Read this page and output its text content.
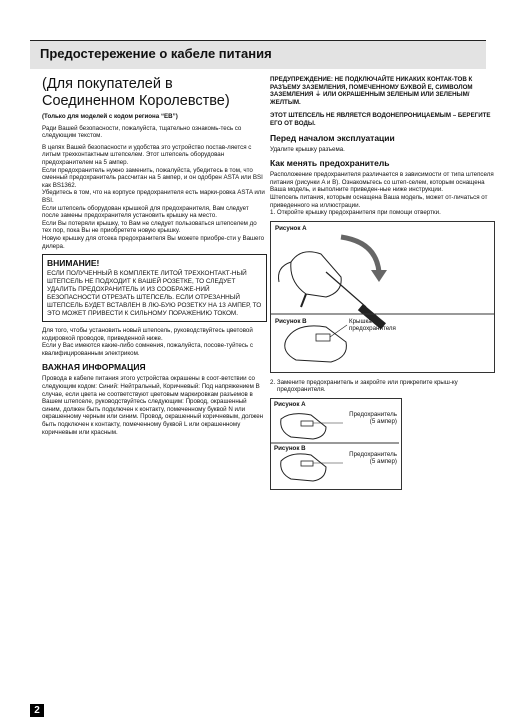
Предостережение о кабеле питания
(Для покупателей в Соединенном Королевстве)
(Только для моделей с кодом региона “EB”)
Ради Вашей безопасности, пожалуйста, тщательно ознакомь-тесь со следующим текстом.
В целях Вашей безопасности и удобства это устройство постав-ляется с литым трехконтактным штепселем. Этот штепсель оборудован предохранителем на 5 ампер.
Если предохранитель нужно заменить, пожалуйста, убедитесь в том, что сменный предохранитель рассчитан на 5 ампер, и он одобрен ASTA или BSI как BS1362.
Убедитесь в том, что на корпусе предохранителя есть марки-ровка ASTA или BSI.
Если штепсель оборудован крышкой для предохранителя, Вам следует после замены предохранителя установить крышку на место.
Если Вы потеряли крышку, то Вам не следует пользоваться штепселем до тех пор, пока Вы не приобретете новую крышку.
Новую крышку для отсека предохранителя Вы можете приобре-сти у Вашего дилера.
ВНИМАНИЕ!
ЕСЛИ ПОЛУЧЕННЫЙ В КОМПЛЕКТЕ ЛИТОЙ ТРЕХКОНТАКТ-НЫЙ ШТЕПСЕЛЬ НЕ ПОДХОДИТ К ВАШЕЙ РОЗЕТКЕ, ТО СЛЕДУЕТ УДАЛИТЬ ПРЕДОХРАНИТЕЛЬ И ИЗ СООБРАЖЕ-НИЙ БЕЗОПАСНОСТИ ОТРЕЗАТЬ ШТЕПСЕЛЬ. ЕСЛИ ОТРЕЗАННЫЙ ШТЕПСЕЛЬ БУДЕТ ВСТАВЛЕН В ЛЮ-БУЮ РОЗЕТКУ НА 13 АМПЕР, ТО ЭТО МОЖЕТ ПРИВЕСТИ К СИЛЬНОМУ ПОРАЖЕНИЮ ТОКОМ.
Для того, чтобы установить новый штепсель, руководствуйтесь цветовой кодировкой проводов, приведенной ниже.
Если у Вас имеются какие-либо сомнения, пожалуйста, посове-туйтесь с квалифицированным электриком.
ВАЖНАЯ ИНФОРМАЦИЯ
Провода в кабеле питания этого устройства окрашены в соот-ветствии со следующим кодом: Синий: Нейтральный, Коричневый: Под напряжением В случае, если цвета не соответствуют цветовым маркировкам разъемов в Вашем штепселе, руководствуйтесь следующим: Провод, окрашенный синим, должен быть подключен к контакту, помеченному буквой N или окрашенному черным или синим. Провод, окрашенный коричневым, должен быть подключен к контакту, помеченному буквой L или окрашенному коричневым или красным.
ПРЕДУПРЕЖДЕНИЕ: НЕ ПОДКЛЮЧАЙТЕ НИКАКИХ КОНТАК-ТОВ К РАЗЪЕМУ ЗАЗЕМЛЕНИЯ, ПОМЕЧЕННОМУ БУКВОЙ E, СИМВОЛОМ ЗАЗЕМЛЕНИЯ ⏚ ИЛИ ОКРАШЕННЫМ ЗЕЛЕНЫМ ИЛИ ЗЕЛЕНЫМ/ЖЕЛТЫМ.
ЭТОТ ШТЕПСЕЛЬ НЕ ЯВЛЯЕТСЯ ВОДОНЕПРОНИЦАЕМЫМ – БЕРЕГИТЕ ЕГО ОТ ВОДЫ.
Перед началом эксплуатации
Удалите крышку разъема.
Как менять предохранитель
Расположение предохранителя различается в зависимости от типа штепселя питания (рисунки A и B). Ознакомьтесь со штеп-селем, которым оснащена Ваша модель, и выполните приведен-ные ниже инструкции.
Штепсель питания, которым оснащена Ваша модель, может от-личаться от приведенного на иллюстрации.
1. Откройте крышку предохранителя при помощи отвертки.
Рисунок A
Рисунок B	Крышка предохранителя
2. Замените предохранитель и закройте или прикрепите крыш-ку предохранителя.
Рисунок A
Предохранитель (5 ампер)
Рисунок B
Предохранитель (5 ампер)
2
